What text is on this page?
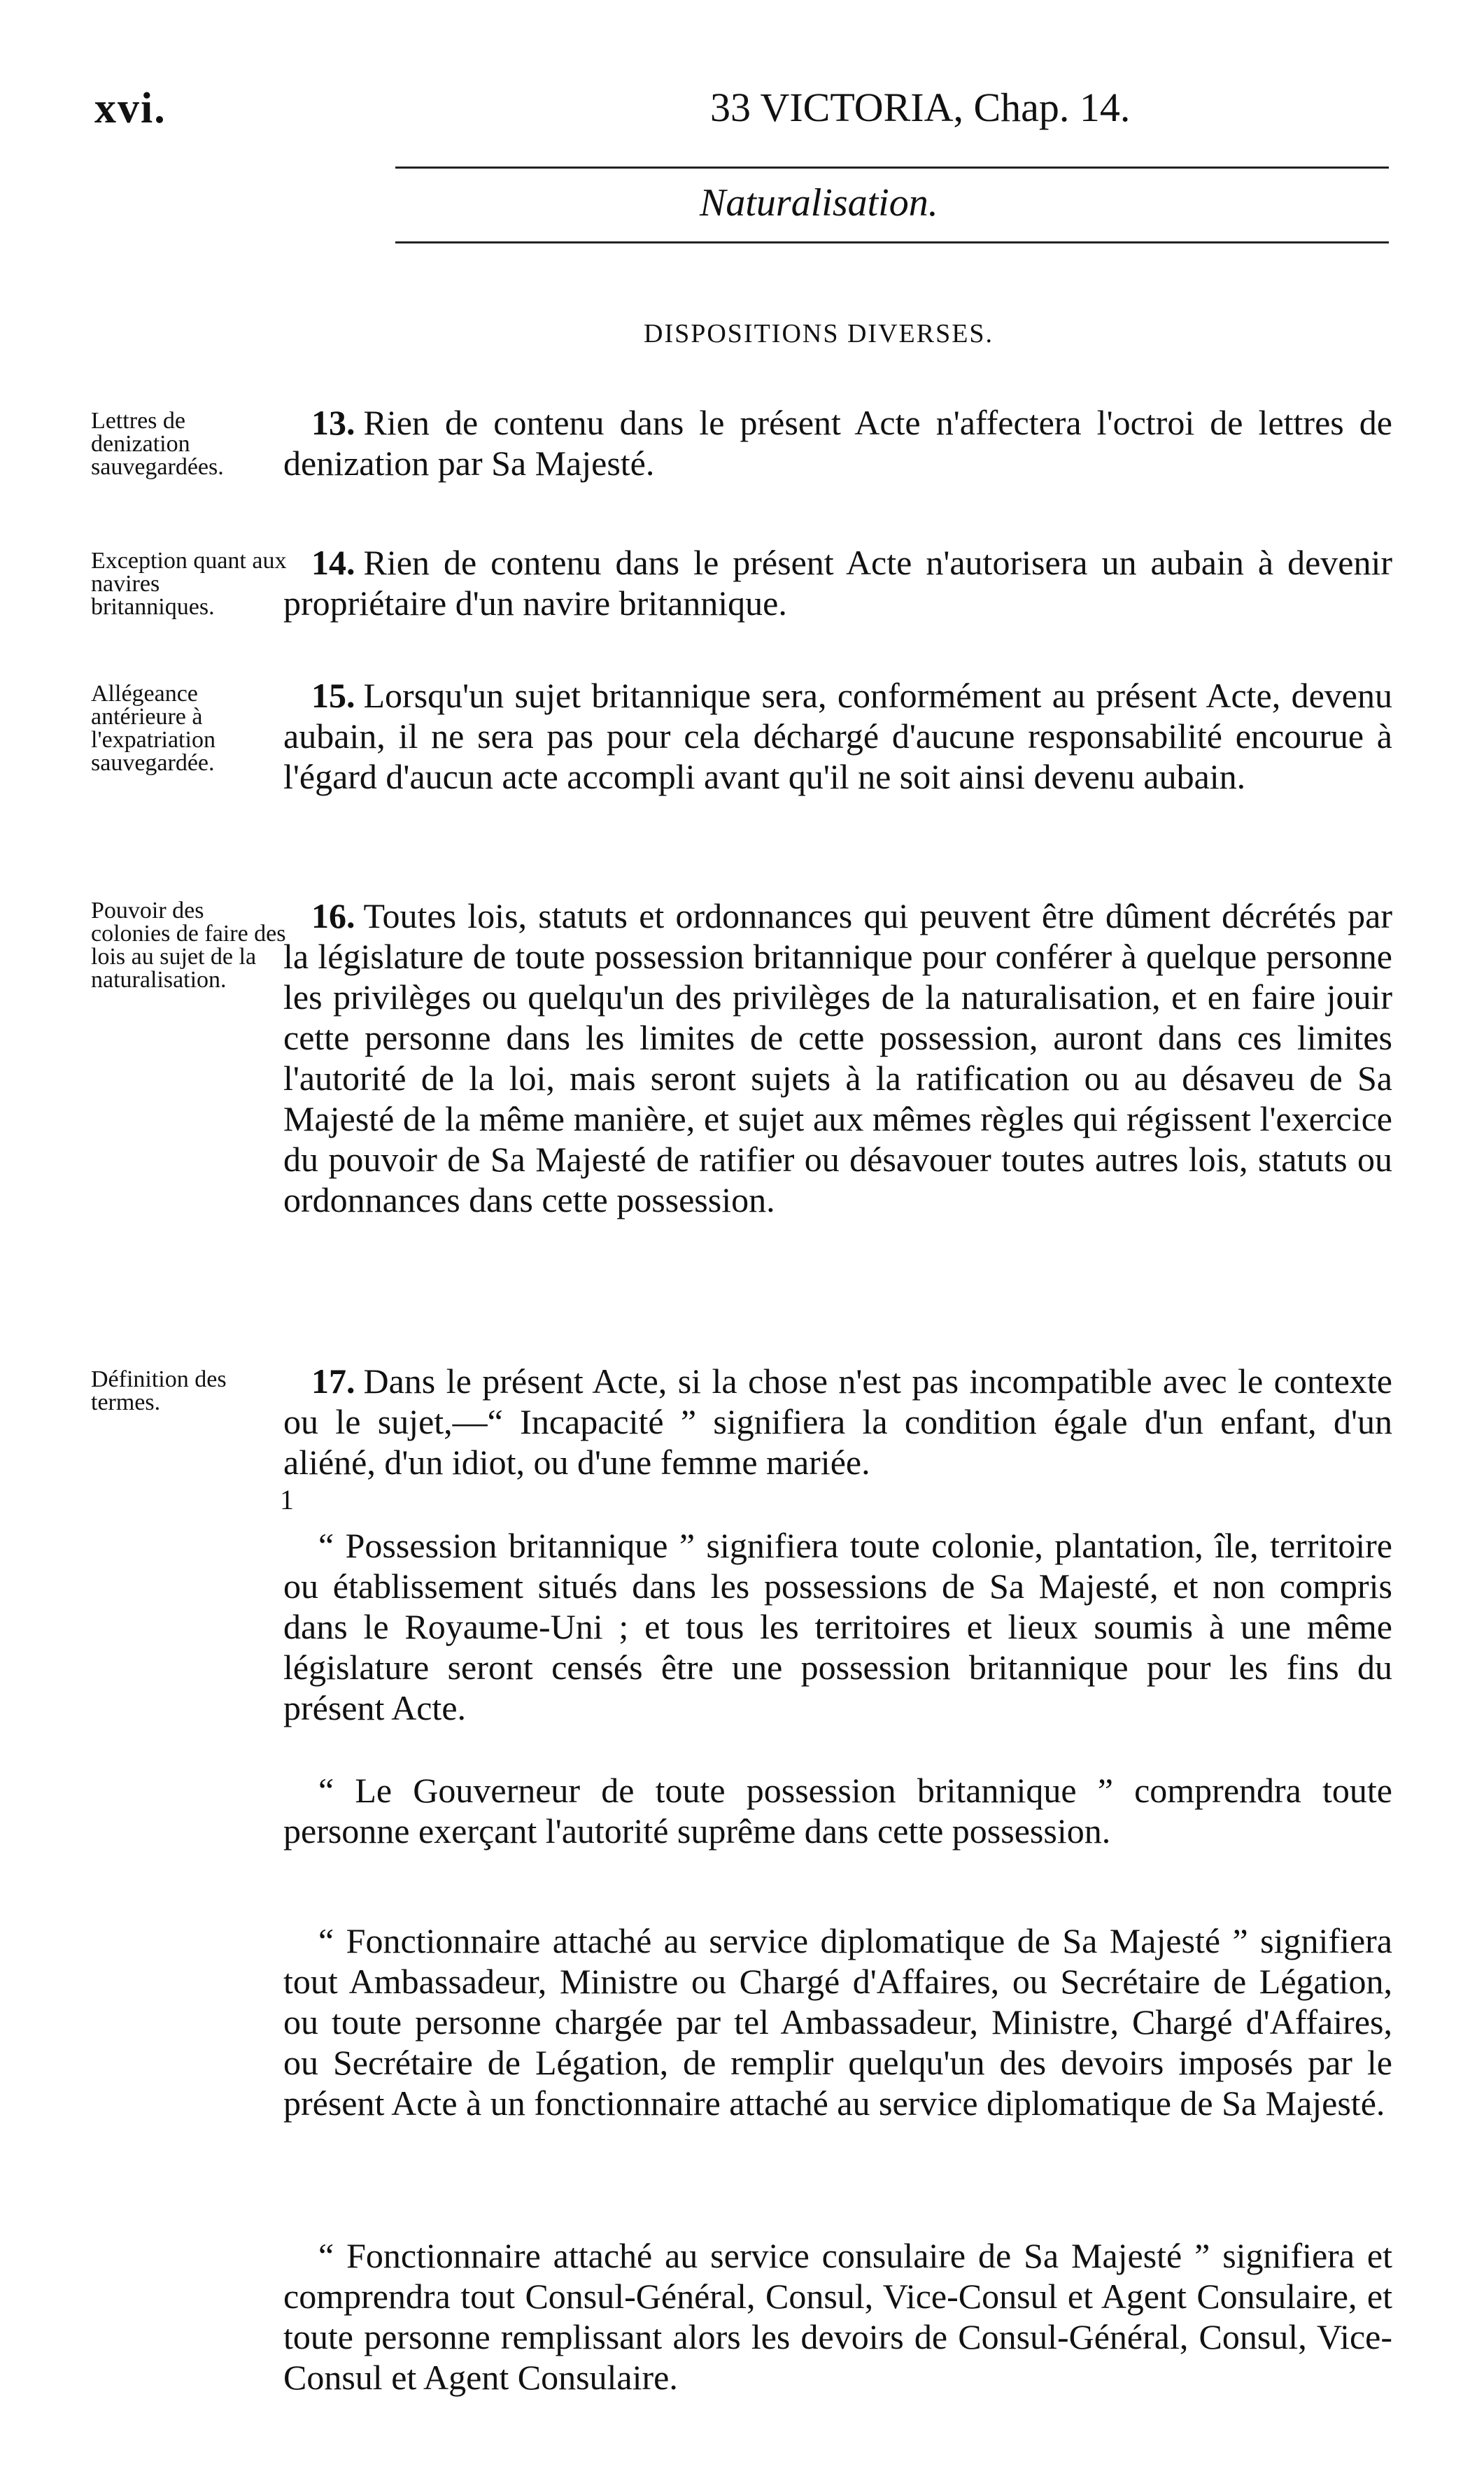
xvi.	33 VICTORIA, Chap. 14.
Naturalisation.
DISPOSITIONS DIVERSES.
Lettres de denization sauvegardées.
13. Rien de contenu dans le présent Acte n'affectera l'octroi de lettres de denization par Sa Majesté.
Exception quant aux navires britanniques.
14. Rien de contenu dans le présent Acte n'autorisera un aubain à devenir propriétaire d'un navire britannique.
Allégeance antérieure à l'expatriation sauvegardée.
15. Lorsqu'un sujet britannique sera, conformément au présent Acte, devenu aubain, il ne sera pas pour cela déchargé d'aucune responsabilité encourue à l'égard d'aucun acte accompli avant qu'il ne soit ainsi devenu aubain.
Pouvoir des colonies de faire des lois au sujet de la naturalisation.
16. Toutes lois, statuts et ordonnances qui peuvent être dûment décrétés par la législature de toute possession britannique pour conférer à quelque personne les privilèges ou quelqu'un des privilèges de la naturalisation, et en faire jouir cette personne dans les limites de cette possession, auront dans ces limites l'autorité de la loi, mais seront sujets à la ratification ou au désaveu de Sa Majesté de la même manière, et sujet aux mêmes règles qui régissent l'exercice du pouvoir de Sa Majesté de ratifier ou désavouer toutes autres lois, statuts ou ordonnances dans cette possession.
Définition des termes.
17. Dans le présent Acte, si la chose n'est pas incompatible avec le contexte ou le sujet,—“ Incapacité ” signifiera la condition égale d'un enfant, d'un aliéné, d'un idiot, ou d'une femme mariée.
1
“ Possession britannique ” signifiera toute colonie, plantation, île, territoire ou établissement situés dans les possessions de Sa Majesté, et non compris dans le Royaume-Uni ; et tous les territoires et lieux soumis à une même législature seront censés être une possession britannique pour les fins du présent Acte.
“ Le Gouverneur de toute possession britannique ” comprendra toute personne exerçant l'autorité suprême dans cette possession.
“ Fonctionnaire attaché au service diplomatique de Sa Majesté ” signifiera tout Ambassadeur, Ministre ou Chargé d'Affaires, ou Secrétaire de Légation, ou toute personne chargée par tel Ambassadeur, Ministre, Chargé d'Affaires, ou Secrétaire de Légation, de remplir quelqu'un des devoirs imposés par le présent Acte à un fonctionnaire attaché au service diplomatique de Sa Majesté.
“ Fonctionnaire attaché au service consulaire de Sa Majesté ” signifiera et comprendra tout Consul-Général, Consul, Vice-Consul et Agent Consulaire, et toute personne remplissant alors les devoirs de Consul-Général, Consul, Vice-Consul et Agent Consulaire.
